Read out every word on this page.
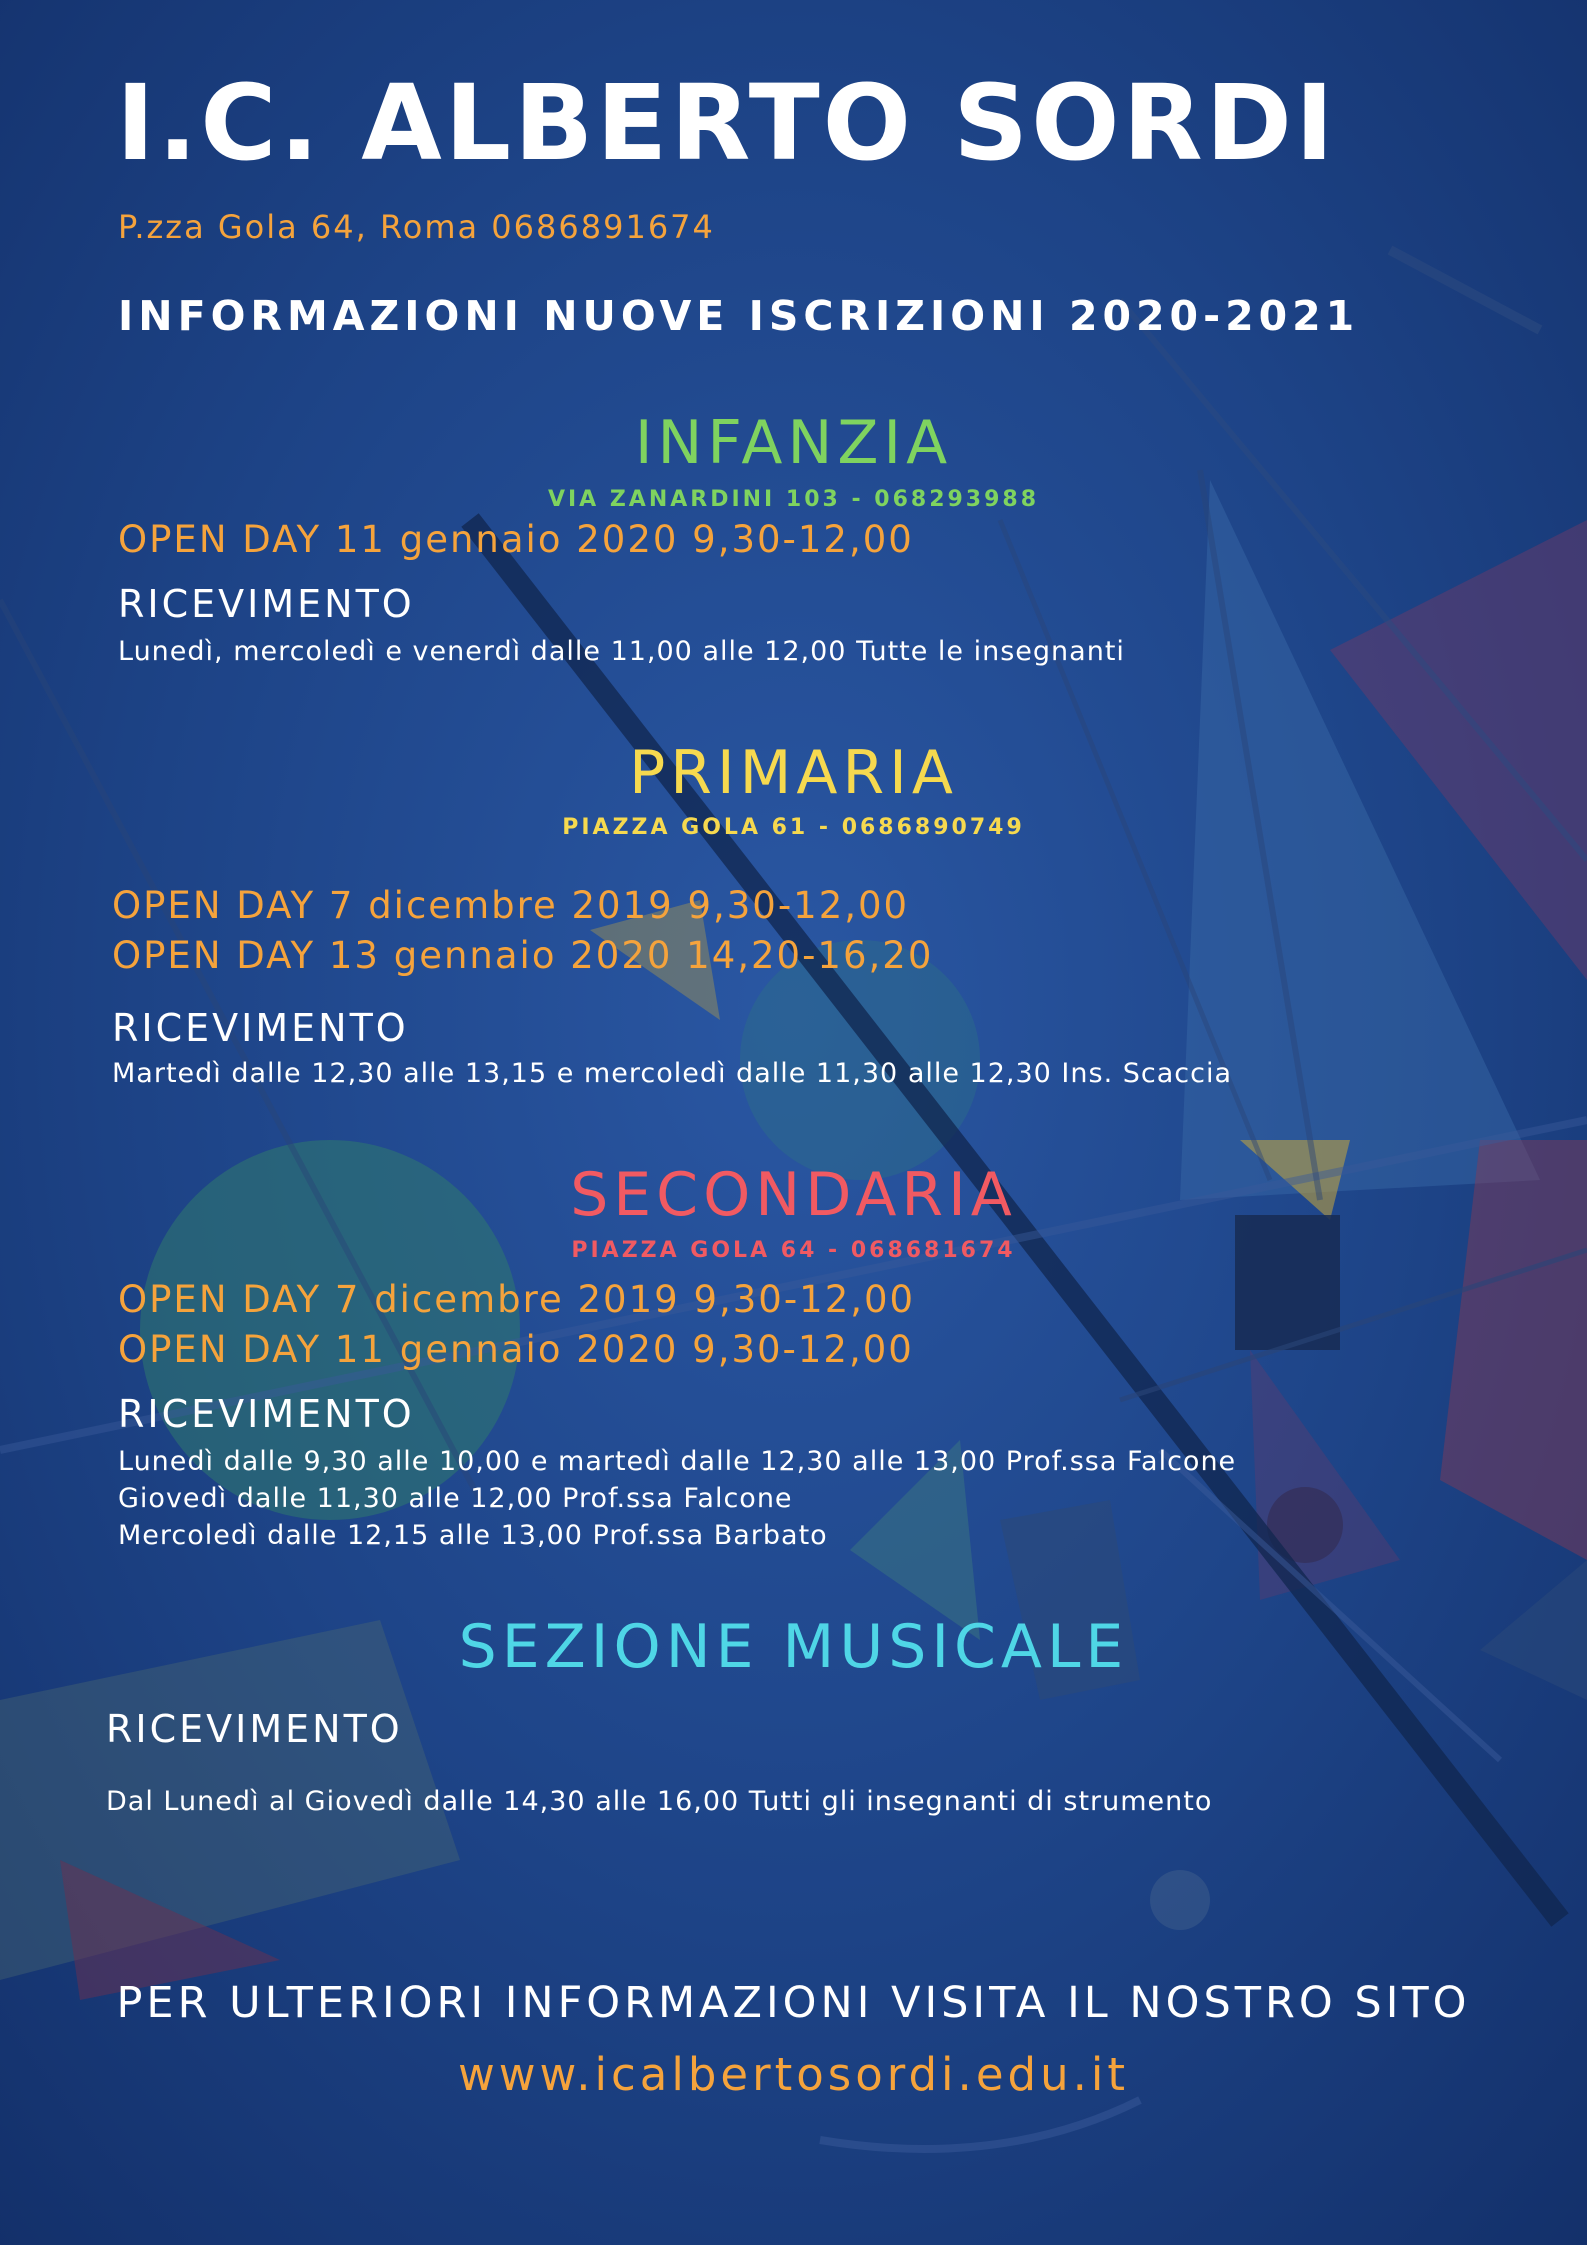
I.C. ALBERTO SORDI
P.zza Gola 64, Roma 0686891674
INFORMAZIONI NUOVE ISCRIZIONI 2020-2021
INFANZIA
VIA ZANARDINI 103 - 068293988
OPEN DAY 11 gennaio 2020 9,30-12,00
RICEVIMENTO
Lunedì, mercoledì e venerdì dalle 11,00 alle 12,00 Tutte le insegnanti
PRIMARIA
PIAZZA GOLA 61 - 0686890749
OPEN DAY 7 dicembre 2019 9,30-12,00
OPEN DAY 13 gennaio 2020 14,20-16,20
RICEVIMENTO
Martedì dalle 12,30 alle 13,15 e mercoledì dalle 11,30 alle 12,30 Ins. Scaccia
SECONDARIA
PIAZZA GOLA 64 - 068681674
OPEN DAY 7 dicembre 2019 9,30-12,00
OPEN DAY 11 gennaio 2020 9,30-12,00
RICEVIMENTO
Lunedì dalle 9,30 alle 10,00 e martedì dalle 12,30 alle 13,00 Prof.ssa Falcone
Giovedì dalle 11,30 alle 12,00 Prof.ssa Falcone
Mercoledì dalle 12,15 alle 13,00 Prof.ssa Barbato
SEZIONE MUSICALE
RICEVIMENTO
Dal Lunedì al Giovedì dalle 14,30 alle 16,00 Tutti gli insegnanti di strumento
PER ULTERIORI INFORMAZIONI VISITA IL NOSTRO SITO
www.icalbertosordi.edu.it
